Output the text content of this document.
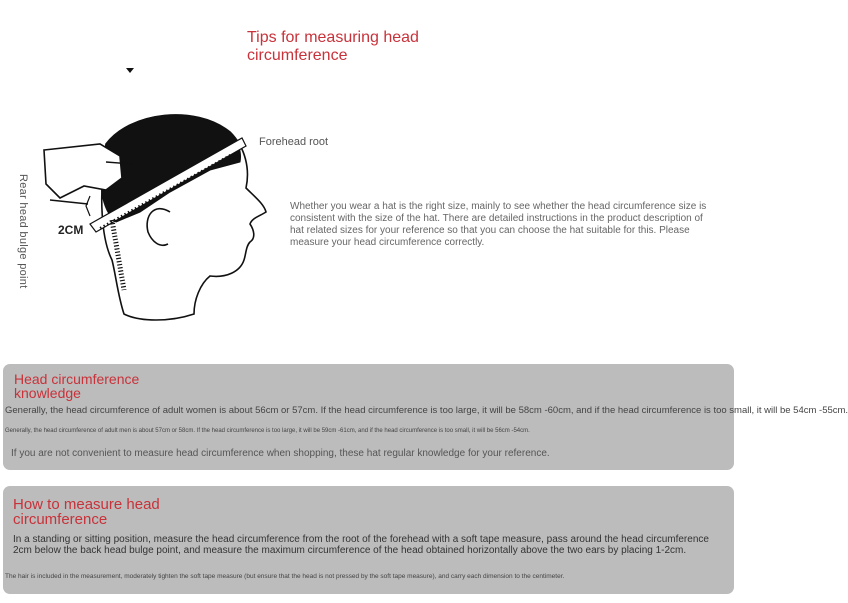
Tips for measuring head circumference
Forehead root
2CM
Rear head bulge point	Whether you wear a hat is the right size, mainly to see whether the head circumference size is consistent with the size of the hat. There are detailed instructions in the product description of hat related sizes for your reference so that you can choose the hat suitable for this. Please measure your head circumference correctly.
Head circumference knowledge
Generally, the head circumference of adult women is about 56cm or 57cm. If the head circumference is too large, it will be 58cm -60cm, and if the head circumference is too small, it will be 54cm -55cm.
Generally, the head circumference of adult men is about 57cm or 58cm. If the head circumference is too large, it will be 59cm -61cm, and if the head circumference is too small, it will be 56cm -54cm.
If you are not convenient to measure head circumference when shopping, these hat regular knowledge for your reference.
How to measure head circumference
In a standing or sitting position, measure the head circumference from the root of the forehead with a soft tape measure, pass around the head circumference 2cm below the back head bulge point, and measure the maximum circumference of the head obtained horizontally above the two ears by placing 1-2cm.
The hair is included in the measurement, moderately tighten the soft tape measure (but ensure that the head is not pressed by the soft tape measure), and carry each dimension to the centimeter.
